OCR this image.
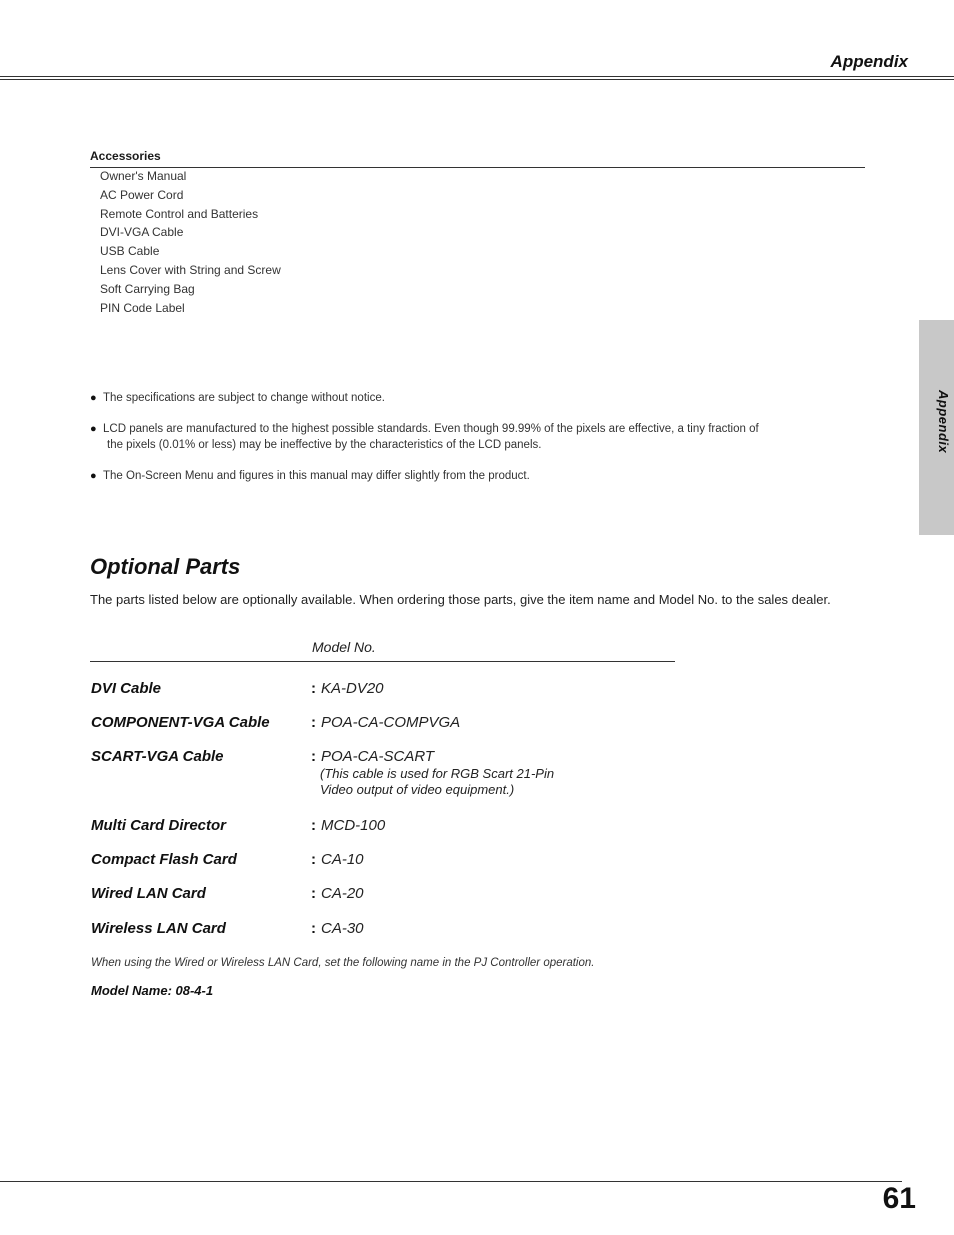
Appendix
Appendix
Accessories
Owner's Manual
AC Power Cord
Remote Control and Batteries
DVI-VGA Cable
USB Cable
Lens Cover with String and Screw
Soft Carrying Bag
PIN Code Label
● The specifications are subject to change without notice.
● LCD panels are manufactured to the highest possible standards. Even though 99.99% of the pixels are effective, a tiny fraction of
the pixels (0.01% or less) may be ineffective by the characteristics of the LCD panels.
● The On-Screen Menu and figures in this manual may differ slightly from the product.
Optional Parts
The parts listed below are optionally available. When ordering those parts, give the item name and Model No. to the sales dealer.
Model No.
DVI Cable	: KA-DV20
COMPONENT-VGA Cable	: POA-CA-COMPVGA
SCART-VGA Cable	: POA-CA-SCART
(This cable is used for RGB Scart 21-Pin
Video output of video equipment.)
Multi Card Director	: MCD-100
Compact Flash Card	: CA-10
Wired LAN Card	: CA-20
Wireless LAN Card	: CA-30
When using the Wired or Wireless LAN Card, set the following name in the PJ Controller operation.
Model Name: 08-4-1
61
